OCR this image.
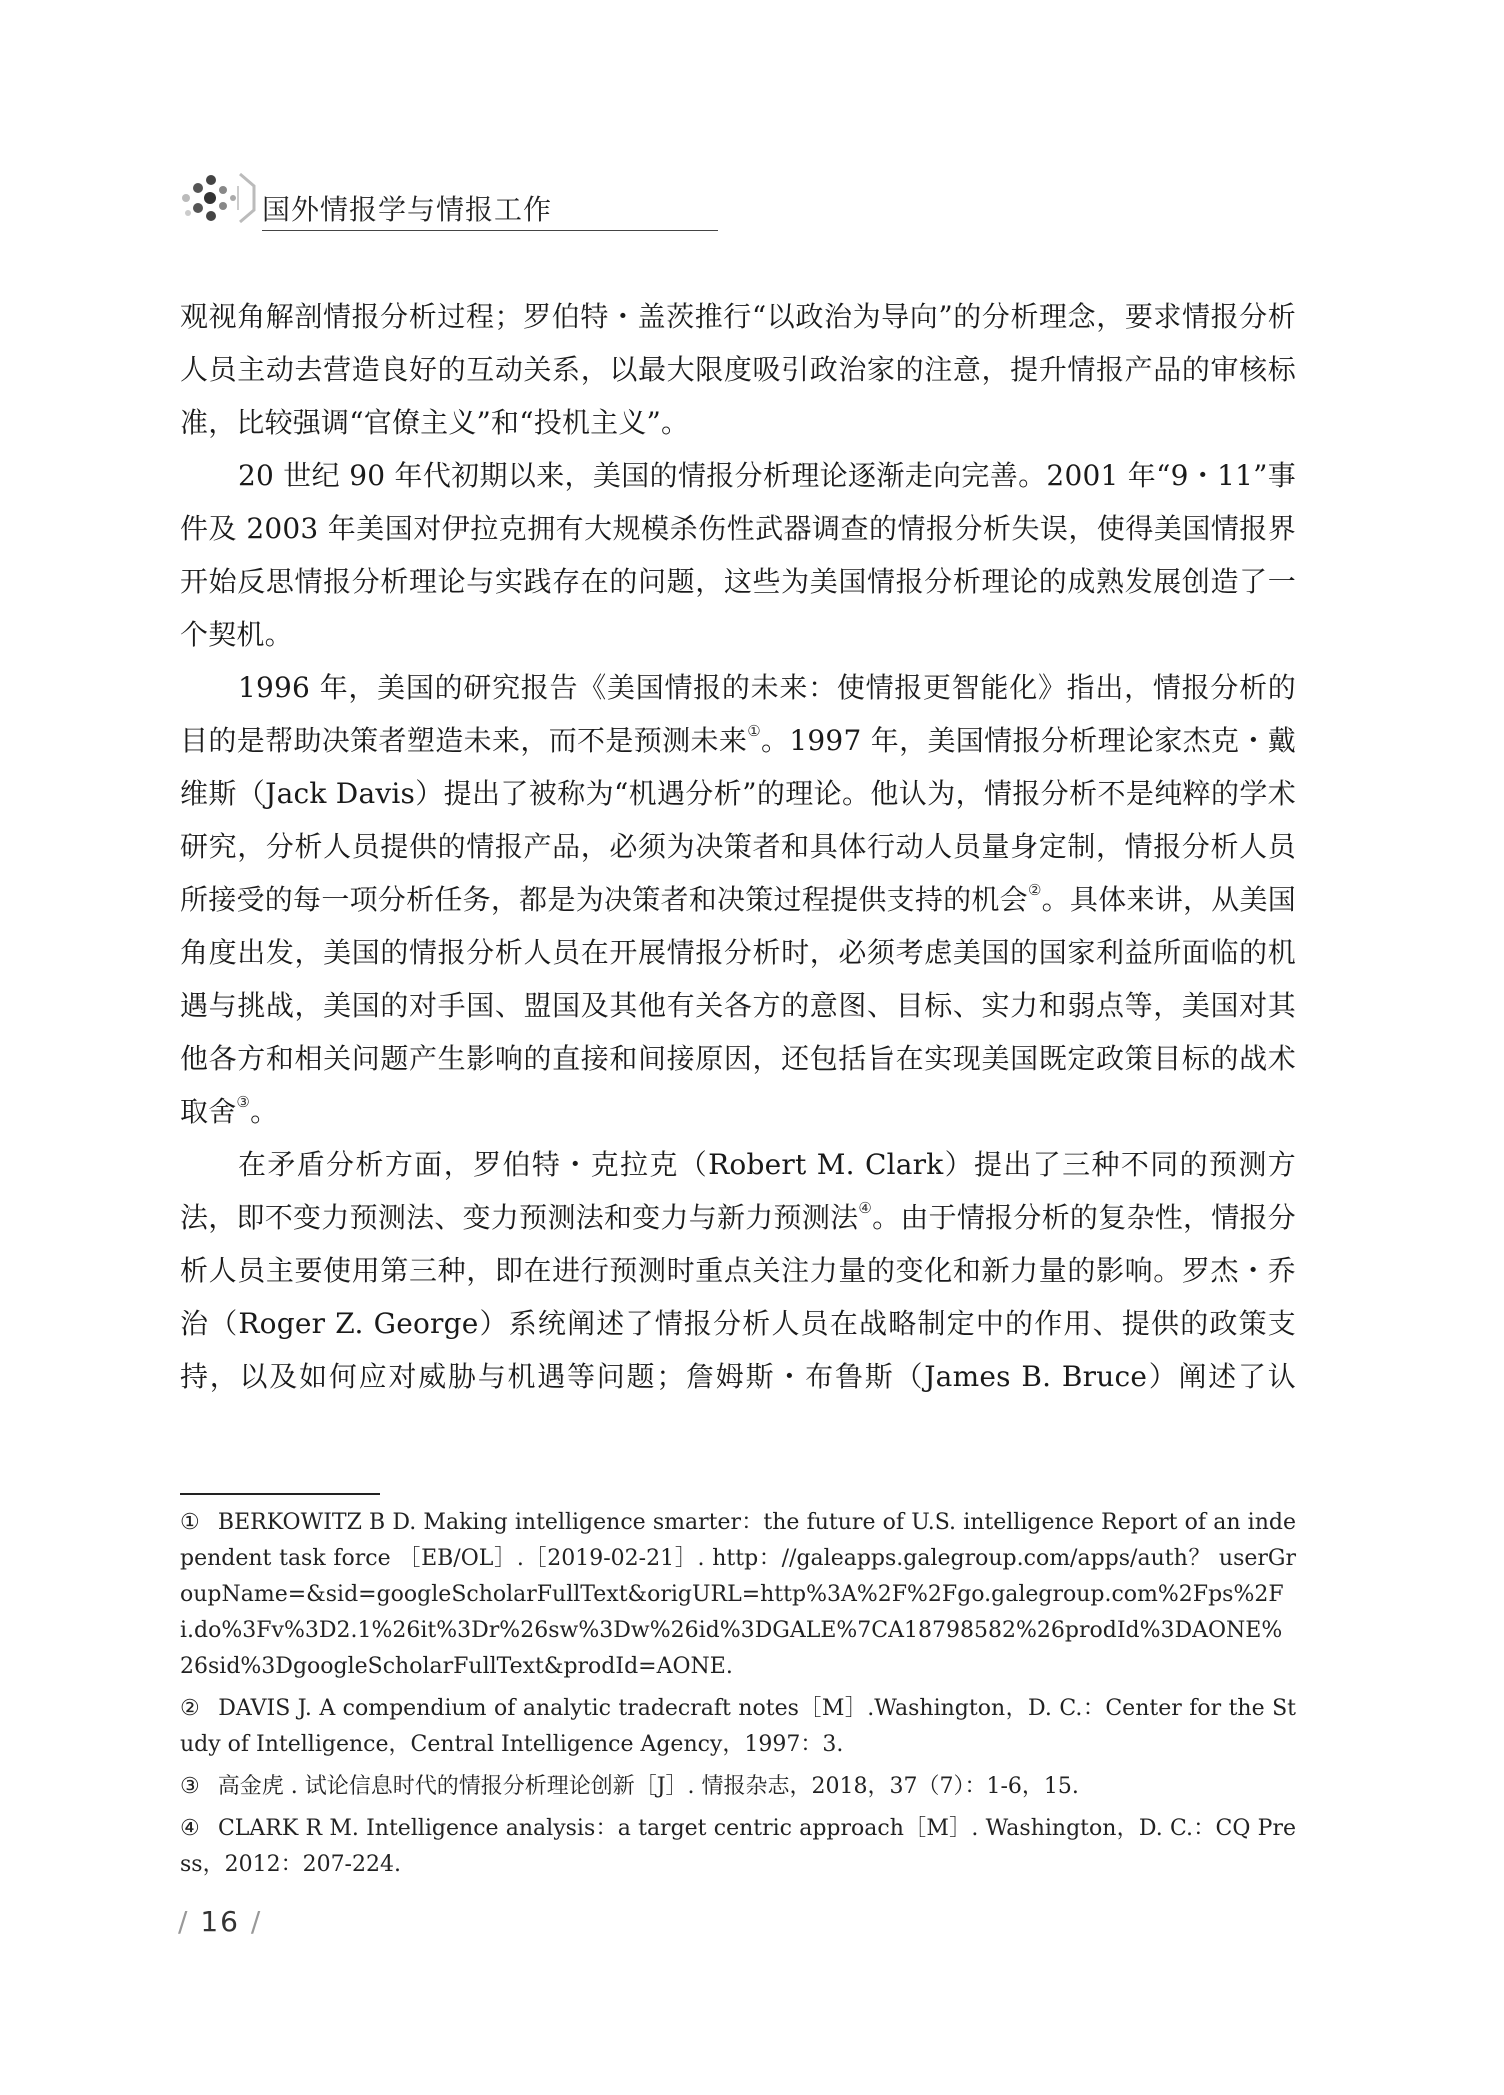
国外情报学与情报工作

观视角解剖情报分析过程；罗伯特・盖茨推行“以政治为导向”的分析理念，要求情报分析人员主动去营造良好的互动关系，以最大限度吸引政治家的注意，提升情报产品的审核标准，比较强调“官僚主义”和“投机主义”。

20 世纪 90 年代初期以来，美国的情报分析理论逐渐走向完善。2001 年“9・11”事件及 2003 年美国对伊拉克拥有大规模杀伤性武器调查的情报分析失误，使得美国情报界开始反思情报分析理论与实践存在的问题，这些为美国情报分析理论的成熟发展创造了一个契机。

1996 年，美国的研究报告《美国情报的未来：使情报更智能化》指出，情报分析的目的是帮助决策者塑造未来，而不是预测未来①。1997 年，美国情报分析理论家杰克・戴维斯（Jack Davis）提出了被称为“机遇分析”的理论。他认为，情报分析不是纯粹的学术研究，分析人员提供的情报产品，必须为决策者和具体行动人员量身定制，情报分析人员所接受的每一项分析任务，都是为决策者和决策过程提供支持的机会②。具体来讲，从美国角度出发，美国的情报分析人员在开展情报分析时，必须考虑美国的国家利益所面临的机遇与挑战，美国的对手国、盟国及其他有关各方的意图、目标、实力和弱点等，美国对其他各方和相关问题产生影响的直接和间接原因，还包括旨在实现美国既定政策目标的战术取舍③。

在矛盾分析方面，罗伯特・克拉克（Robert M. Clark）提出了三种不同的预测方法，即不变力预测法、变力预测法和变力与新力预测法④。由于情报分析的复杂性，情报分析人员主要使用第三种，即在进行预测时重点关注力量的变化和新力量的影响。罗杰・乔治（Roger Z. George）系统阐述了情报分析人员在战略制定中的作用、提供的政策支持，以及如何应对威胁与机遇等问题；詹姆斯・布鲁斯（James B. Bruce）阐述了认

① BERKOWITZ B D. Making intelligence smarter：the future of U.S. intelligence Report of an independent task force ［EB/OL］.［2019-02-21］. http：//galeapps.galegroup.com/apps/auth？ userGroupName=&sid=googleScholarFullText&origURL=http%3A%2F%2Fgo.galegroup.com%2Fps%2Fi.do%3Fv%3D2.1%26it%3Dr%26sw%3Dw%26id%3DGALE%7CA18798582%26prodId%3DAONE%26sid%3DgoogleScholarFullText&prodId=AONE.

② DAVIS J. A compendium of analytic tradecraft notes［M］.Washington，D. C.：Center for the Study of Intelligence，Central Intelligence Agency，1997：3.

③ 高金虎 . 试论信息时代的情报分析理论创新［J］. 情报杂志，2018，37（7）：1-6，15.

④ CLARK R M. Intelligence analysis：a target centric approach［M］. Washington，D. C.：CQ Press，2012：207-224.

/ 16 /
